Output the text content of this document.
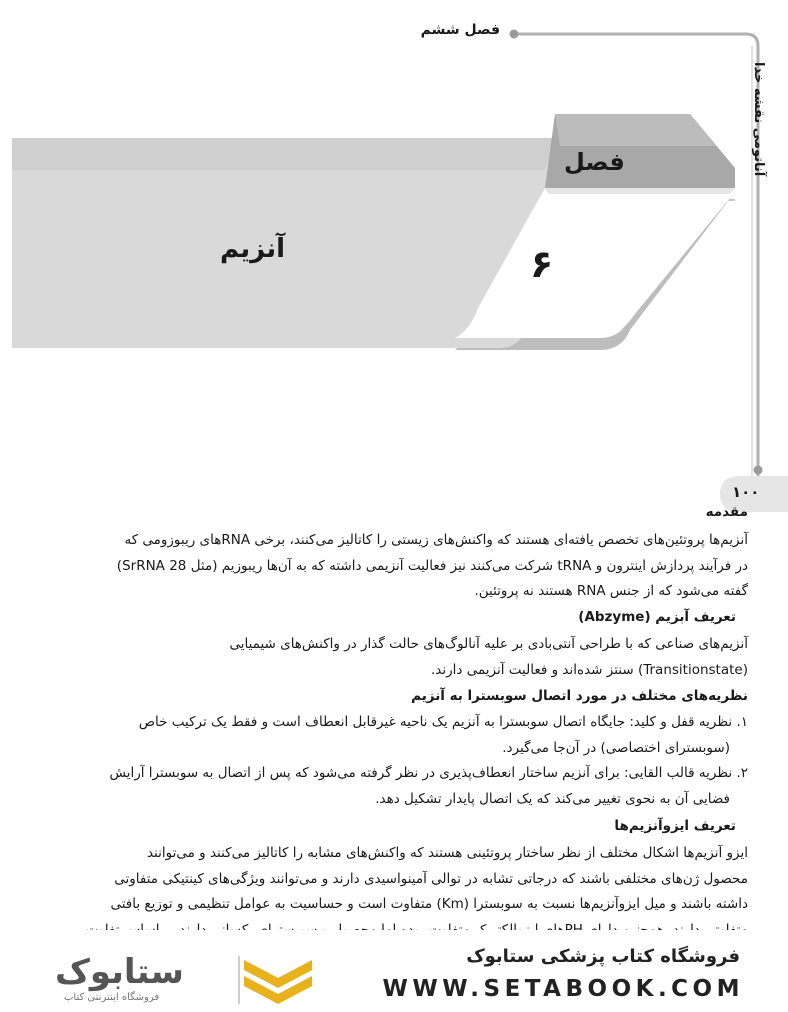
فصل ششم
آناتومی نقشه خدا
فصل
۶
آنزیم
۱۰۰
مقدمه
آنزیم‌ها پروتئین‌های تخصص یافته‌ای هستند که واکنش‌های زیستی را کاتالیز می‌کنند، برخی RNAهای ریبوزومی که
در فرآیند پردازش اینترون و tRNA شرکت می‌کنند نیز فعالیت آنزیمی داشته که به آن‌ها ریبوزیم (مثل 28 SrRNA)
گفته می‌شود که از جنس RNA هستند نه پروتئین.
تعریف آبزیم (Abzyme)
آنزیم‌های صناعی که با طراحی آنتی‌بادی بر علیه آنالوگ‌های حالت گذار در واکنش‌های شیمیایی
(Transitionstate) سنتز شده‌اند و فعالیت آنزیمی دارند.
نظریه‌های مختلف در مورد اتصال سوبسترا به آنزیم
۱. نظریه قفل و کلید: جایگاه اتصال سوبسترا به آنزیم یک ناحیه غیرقابل انعطاف است و فقط یک ترکیب خاص
(سوبسترای اختصاصی) در آن‌جا می‌گیرد.
۲. نظریه قالب القایی: برای آنزیم ساختار انعطاف‌پذیری در نظر گرفته می‌شود که پس از اتصال به سوبسترا آرایش
فضایی آن به نحوی تغییر می‌کند که یک اتصال پایدار تشکیل دهد.
تعریف ایزوآنزیم‌ها
ایزو آنزیم‌ها اشکال مختلف از نظر ساختار پروتئینی هستند که واکنش‌های مشابه را کاتالیز می‌کنند و می‌توانند
محصول ژن‌های مختلفی باشند که درجاتی تشابه در توالی آمینواسیدی دارند و می‌توانند ویژگی‌های کینتیکی متفاوتی
داشته باشند و میل ایزوآنزیم‌ها نسبت به سوبسترا (Km) متفاوت است و حساسیت به عوامل تنظیمی و توزیع بافتی
ستابوک
فروشگاه اینترنتی کتاب
فروشگاه کتاب پزشکی ستابوک
WWW.SETABOOK.COM
